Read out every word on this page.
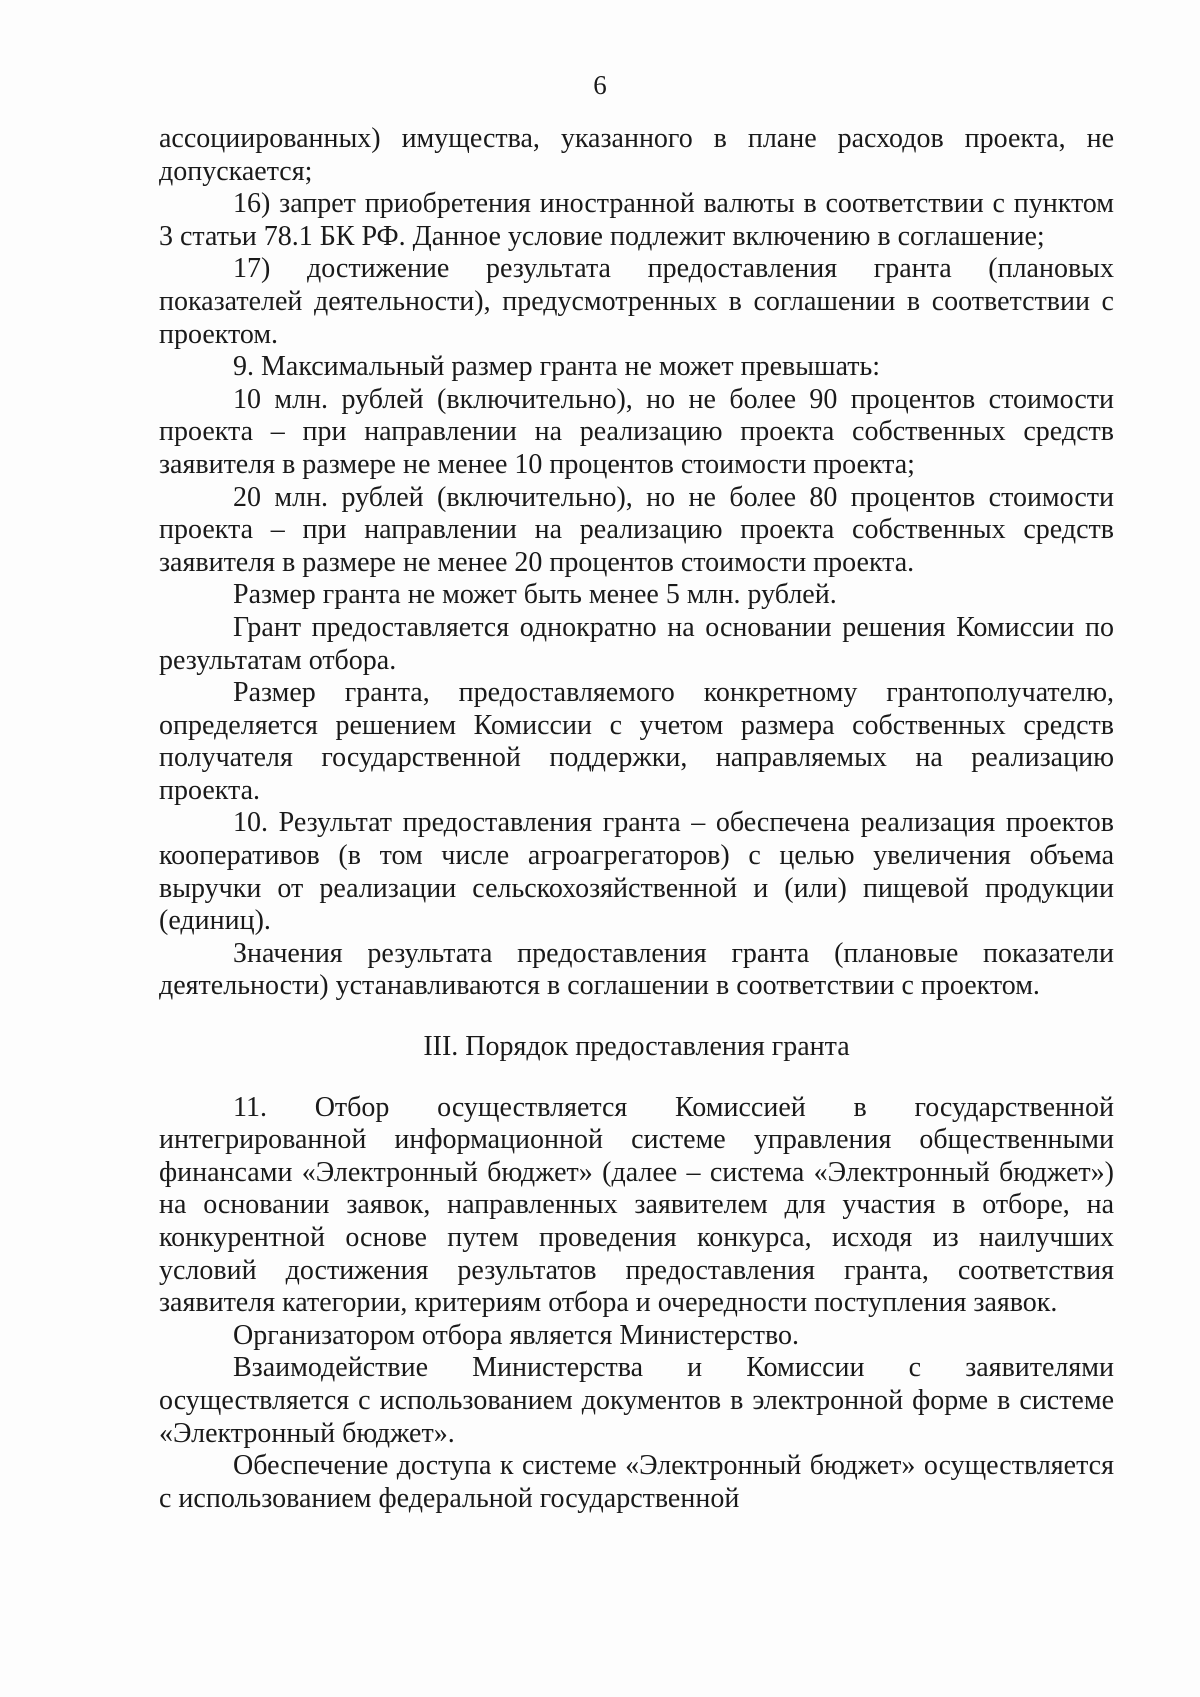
6

ассоциированных) имущества, указанного в плане расходов проекта, не допускается;

16) запрет приобретения иностранной валюты в соответствии с пунктом 3 статьи 78.1 БК РФ. Данное условие подлежит включению в соглашение;

17) достижение результата предоставления гранта (плановых показателей деятельности), предусмотренных в соглашении в соответствии с проектом.

9. Максимальный размер гранта не может превышать:

10 млн. рублей (включительно), но не более 90 процентов стоимости проекта – при направлении на реализацию проекта собственных средств заявителя в размере не менее 10 процентов стоимости проекта;

20 млн. рублей (включительно), но не более 80 процентов стоимости проекта – при направлении на реализацию проекта собственных средств заявителя в размере не менее 20 процентов стоимости проекта.

Размер гранта не может быть менее 5 млн. рублей.

Грант предоставляется однократно на основании решения Комиссии по результатам отбора.

Размер гранта, предоставляемого конкретному грантополучателю, определяется решением Комиссии с учетом размера собственных средств получателя государственной поддержки, направляемых на реализацию проекта.

10. Результат предоставления гранта – обеспечена реализация проектов кооперативов (в том числе агроагрегаторов) с целью увеличения объема выручки от реализации сельскохозяйственной и (или) пищевой продукции (единиц).

Значения результата предоставления гранта (плановые показатели деятельности) устанавливаются в соглашении в соответствии с проектом.

III. Порядок предоставления гранта

11. Отбор осуществляется Комиссией в государственной интегрированной информационной системе управления общественными финансами «Электронный бюджет» (далее – система «Электронный бюджет») на основании заявок, направленных заявителем для участия в отборе, на конкурентной основе путем проведения конкурса, исходя из наилучших условий достижения результатов предоставления гранта, соответствия заявителя категории, критериям отбора и очередности поступления заявок.

Организатором отбора является Министерство.

Взаимодействие Министерства и Комиссии с заявителями осуществляется с использованием документов в электронной форме в системе «Электронный бюджет».

Обеспечение доступа к системе «Электронный бюджет» осуществляется с использованием федеральной государственной
